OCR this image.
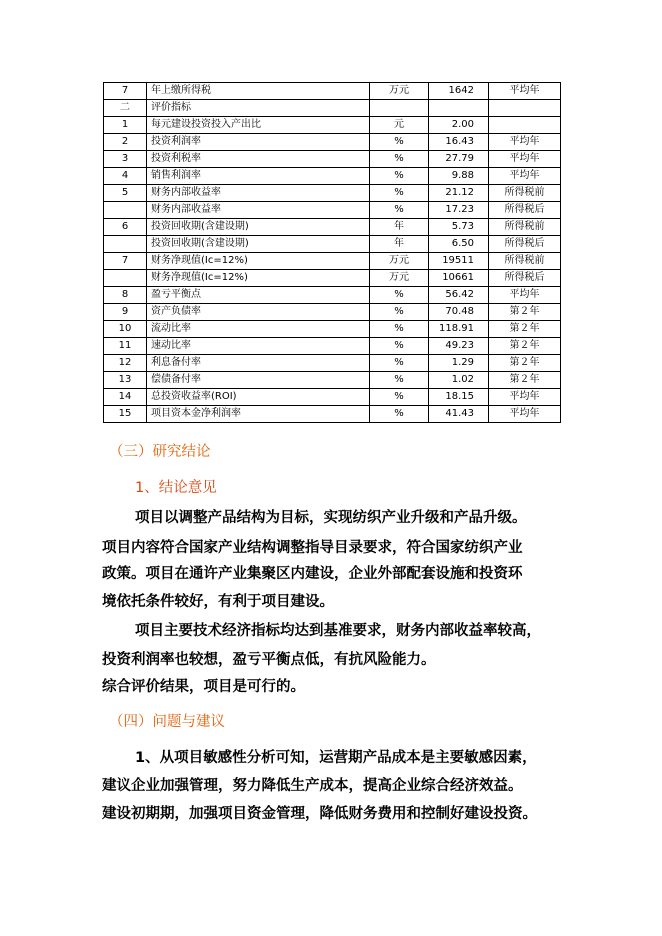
7	年上缴所得税	万元	1642	平均年
二	评价指标			
1	每元建设投资投入产出比	元	2.00	
2	投资利润率	%	16.43	平均年
3	投资利税率	%	27.79	平均年
4	销售利润率	%	9.88	平均年
5	财务内部收益率	%	21.12	所得税前
	财务内部收益率	%	17.23	所得税后
6	投资回收期(含建设期)	年	5.73	所得税前
	投资回收期(含建设期)	年	6.50	所得税后
7	财务净现值(Ic=12%)	万元	19511	所得税前
	财务净现值(Ic=12%)	万元	10661	所得税后
8	盈亏平衡点	%	56.42	平均年
9	资产负债率	%	70.48	第２年
10	流动比率	%	118.91	第２年
11	速动比率	%	49.23	第２年
12	利息备付率	%	1.29	第２年
13	偿债备付率	%	1.02	第２年
14	总投资收益率(ROI)	%	18.15	平均年
15	项目资本金净利润率	%	41.43	平均年
（三）研究结论
1、结论意见
项目以调整产品结构为目标，实现纺织产业升级和产品升级。
项目内容符合国家产业结构调整指导目录要求，符合国家纺织产业
政策。项目在通许产业集聚区内建设，企业外部配套设施和投资环
境依托条件较好，有利于项目建设。
项目主要技术经济指标均达到基准要求，财务内部收益率较高，
投资利润率也较想，盈亏平衡点低，有抗风险能力。
综合评价结果，项目是可行的。
（四）问题与建议
1、从项目敏感性分析可知，运营期产品成本是主要敏感因素，
建议企业加强管理，努力降低生产成本，提高企业综合经济效益。
建设初期期，加强项目资金管理，降低财务费用和控制好建设投资。
